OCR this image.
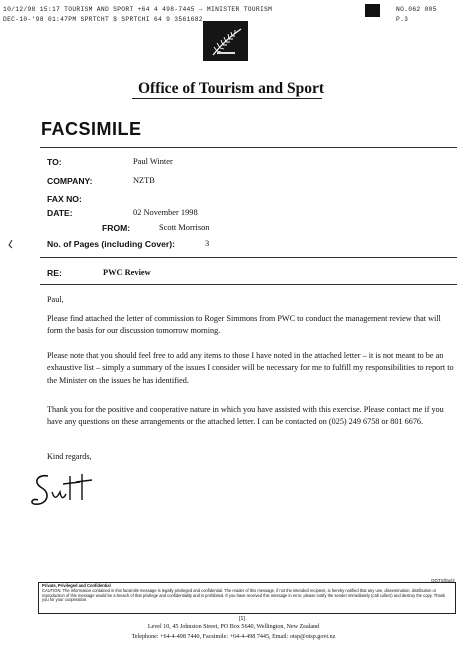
10/12/98 15:17 TOURISM AND SPORT +64 4 498-7445 → MINISTER TOURISM	NO.062 005
DEC-10-'98 01:47PM SPRTCHT $ SPRTCHI 64 9 3561682	P.3
Office of Tourism and Sport
FACSIMILE
TO:	Paul Winter
COMPANY:	NZTB
FAX NO:
DATE:	02 November 1998
FROM:	Scott Morrison
No. of Pages (including Cover):	3
RE:	PWC Review
Paul,
Please find attached the letter of commission to Roger Simmons from PWC to conduct the management review that will form the basis for our discussion tomorrow morning.
Please note that you should feel free to add any items to those I have noted in the attached letter – it is not meant to be an exhaustive list – simply a summary of the issues I consider will be necessary for me to fulfill my responsibilities to report to the Minister on the issues he has identified.
Thank you for the positive and cooperative nature in which you have assisted with this exercise. Please contact me if you have any questions on these arrangements or the attached letter. I can be contacted on (025) 249 6758 or 801 6676.
Kind regards,
OOTS/fax/2
Private, Privileged and Confidential
CAUTION: The information contained in this facsimile message is legally privileged and confidential. The reader of this message, if not the intended recipient, is hereby notified that any use, dissemination, distribution or reproduction of this message would be a breach of that privilege and confidentiality and is prohibited. If you have received this message in error, please notify the sender immediately (call collect) and destroy the copy. Thank you for your cooperation.
[1]
Level 10, 45 Johnston Street, PO Box 5640, Wellington, New Zealand
Telephone: +64-4-498 7440, Facsimile: +64-4-498 7445, Email: otsp@otsp.govt.nz
